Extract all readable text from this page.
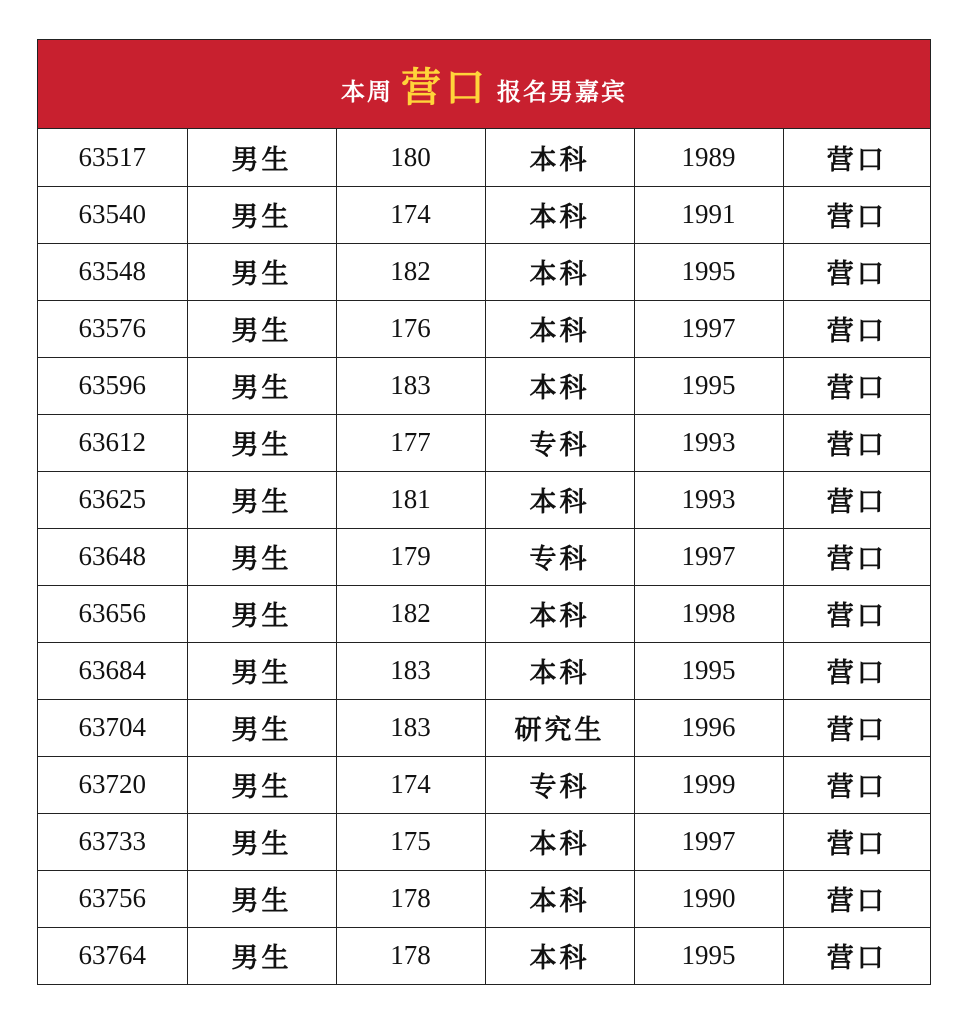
本周 营口 报名男嘉宾
63517	男生	180	本科	1989	营口
63540	男生	174	本科	1991	营口
63548	男生	182	本科	1995	营口
63576	男生	176	本科	1997	营口
63596	男生	183	本科	1995	营口
63612	男生	177	专科	1993	营口
63625	男生	181	本科	1993	营口
63648	男生	179	专科	1997	营口
63656	男生	182	本科	1998	营口
63684	男生	183	本科	1995	营口
63704	男生	183	研究生	1996	营口
63720	男生	174	专科	1999	营口
63733	男生	175	本科	1997	营口
63756	男生	178	本科	1990	营口
63764	男生	178	本科	1995	营口
